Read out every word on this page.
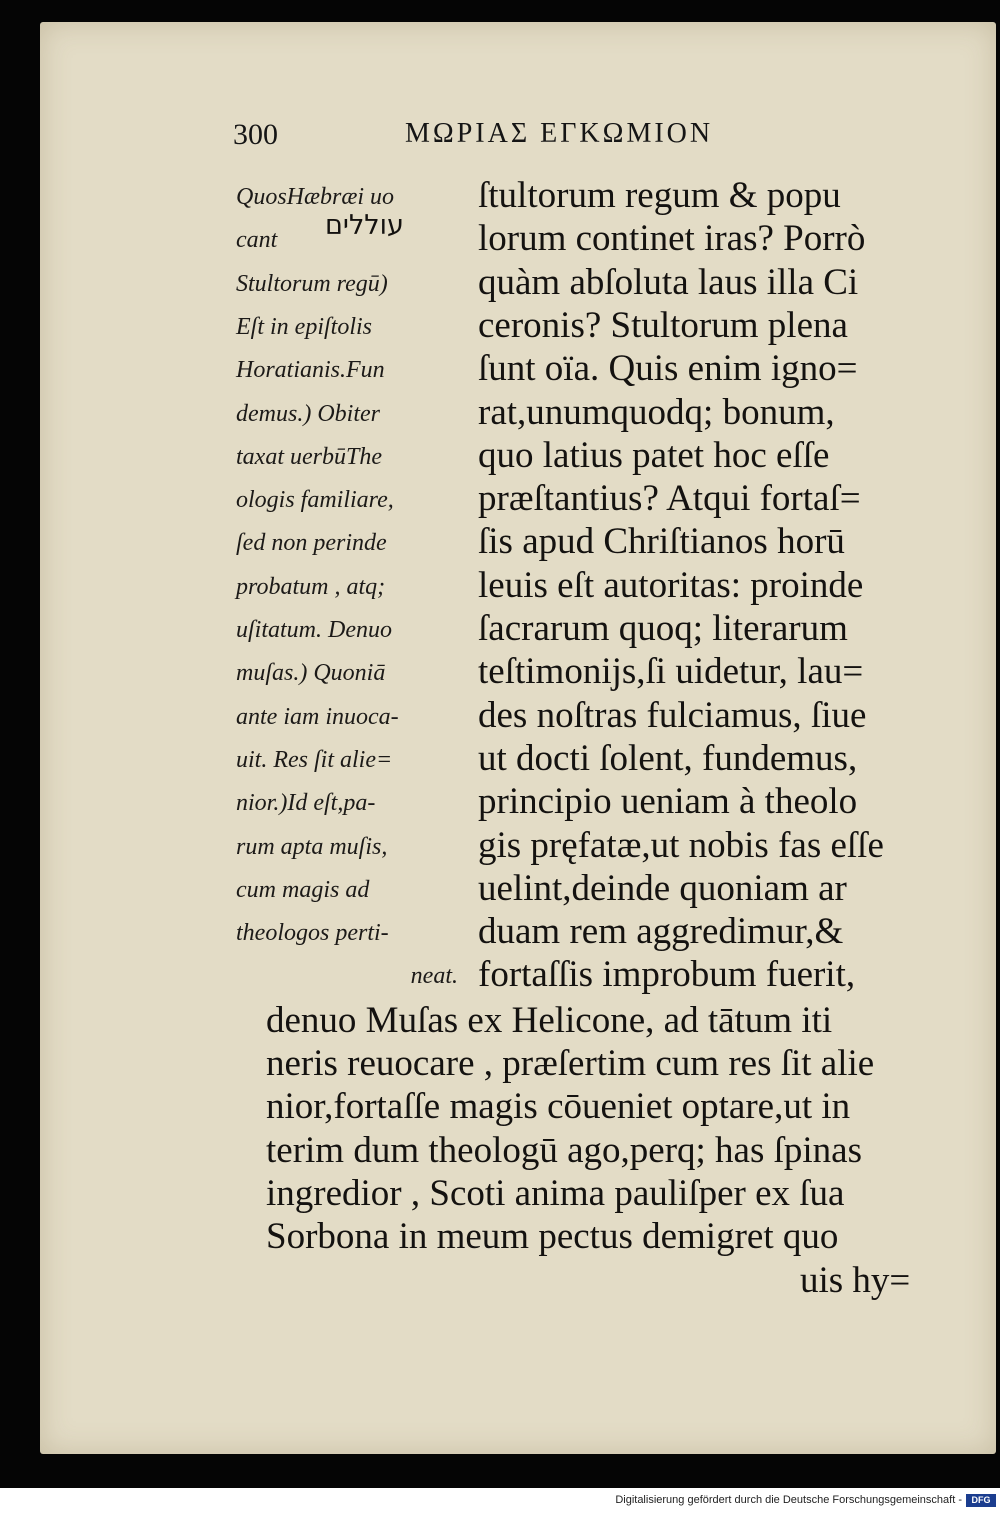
300	ΜΩΡΙΑΣ ΕΓΚΩΜΙΟΝ
עוללים
QuosHæbræi uo
cant
Stultorum regū)
Eſt in epiſtolis
Horatianis.Fun
demus.) Obiter
taxat uerbūThe
ologis familiare,
ſed non perinde
probatum , atq;
uſitatum. Denuo
muſas.) Quoniā
ante iam inuoca-
uit. Res ſit alie=
nior.)Id eſt,pa-
rum apta muſis,
cum magis ad
theologos perti-
neat.
ſtultorum regum & popu
lorum continet iras? Porrò
quàm abſoluta laus illa Ci
ceronis? Stultorum plena
ſunt oïa. Quis enim igno=
rat,unumquodq; bonum,
quo latius patet hoc eſſe
præſtantius? Atqui fortaſ=
ſis apud Chriſtianos horū
leuis eſt autoritas: proinde
ſacrarum quoq; literarum
teſtimonijs,ſi uidetur, lau=
des noſtras fulciamus, ſiue
ut docti ſolent, fundemus,
principio ueniam à theolo
gis pręfatæ,ut nobis fas eſſe
uelint,deinde quoniam ar
duam rem aggredimur,&
fortaſſis improbum fuerit,
denuo Muſas ex Helicone, ad tātum iti
neris reuocare , præſertim cum res ſit alie
nior,fortaſſe magis cōueniet optare,ut in
terim dum theologū ago,perq; has ſpinas
ingredior , Scoti anima pauliſper ex ſua
Sorbona in meum pectus demigret quo
uis hy=
Digitalisierung gefördert durch die Deutsche Forschungsgemeinschaft -	DFG
